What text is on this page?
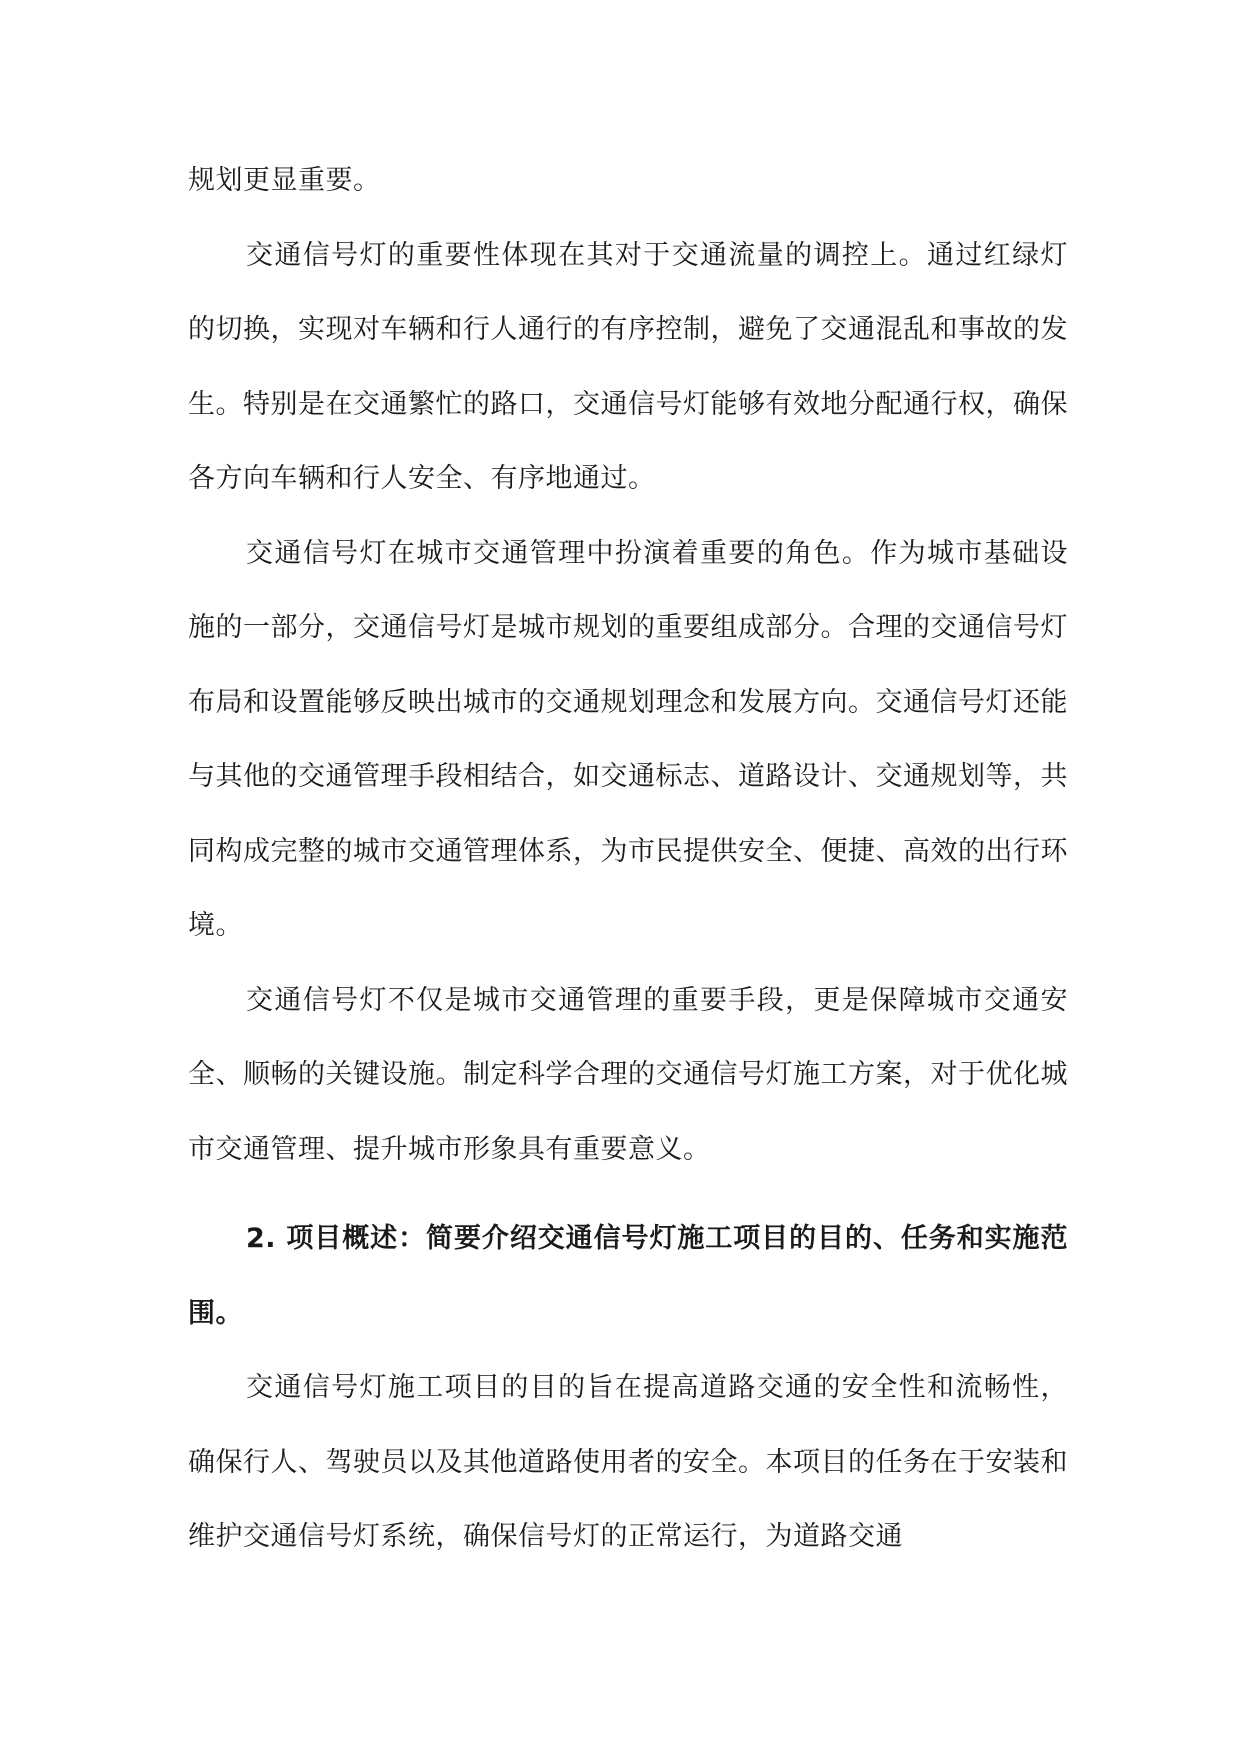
规划更显重要。

交通信号灯的重要性体现在其对于交通流量的调控上。通过红绿灯的切换，实现对车辆和行人通行的有序控制，避免了交通混乱和事故的发生。特别是在交通繁忙的路口，交通信号灯能够有效地分配通行权，确保各方向车辆和行人安全、有序地通过。

交通信号灯在城市交通管理中扮演着重要的角色。作为城市基础设施的一部分，交通信号灯是城市规划的重要组成部分。合理的交通信号灯布局和设置能够反映出城市的交通规划理念和发展方向。交通信号灯还能与其他的交通管理手段相结合，如交通标志、道路设计、交通规划等，共同构成完整的城市交通管理体系，为市民提供安全、便捷、高效的出行环境。

交通信号灯不仅是城市交通管理的重要手段，更是保障城市交通安全、顺畅的关键设施。制定科学合理的交通信号灯施工方案，对于优化城市交通管理、提升城市形象具有重要意义。

2. 项目概述：简要介绍交通信号灯施工项目的目的、任务和实施范围。

交通信号灯施工项目的目的旨在提高道路交通的安全性和流畅性，确保行人、驾驶员以及其他道路使用者的安全。本项目的任务在于安装和维护交通信号灯系统，确保信号灯的正常运行，为道路交通
